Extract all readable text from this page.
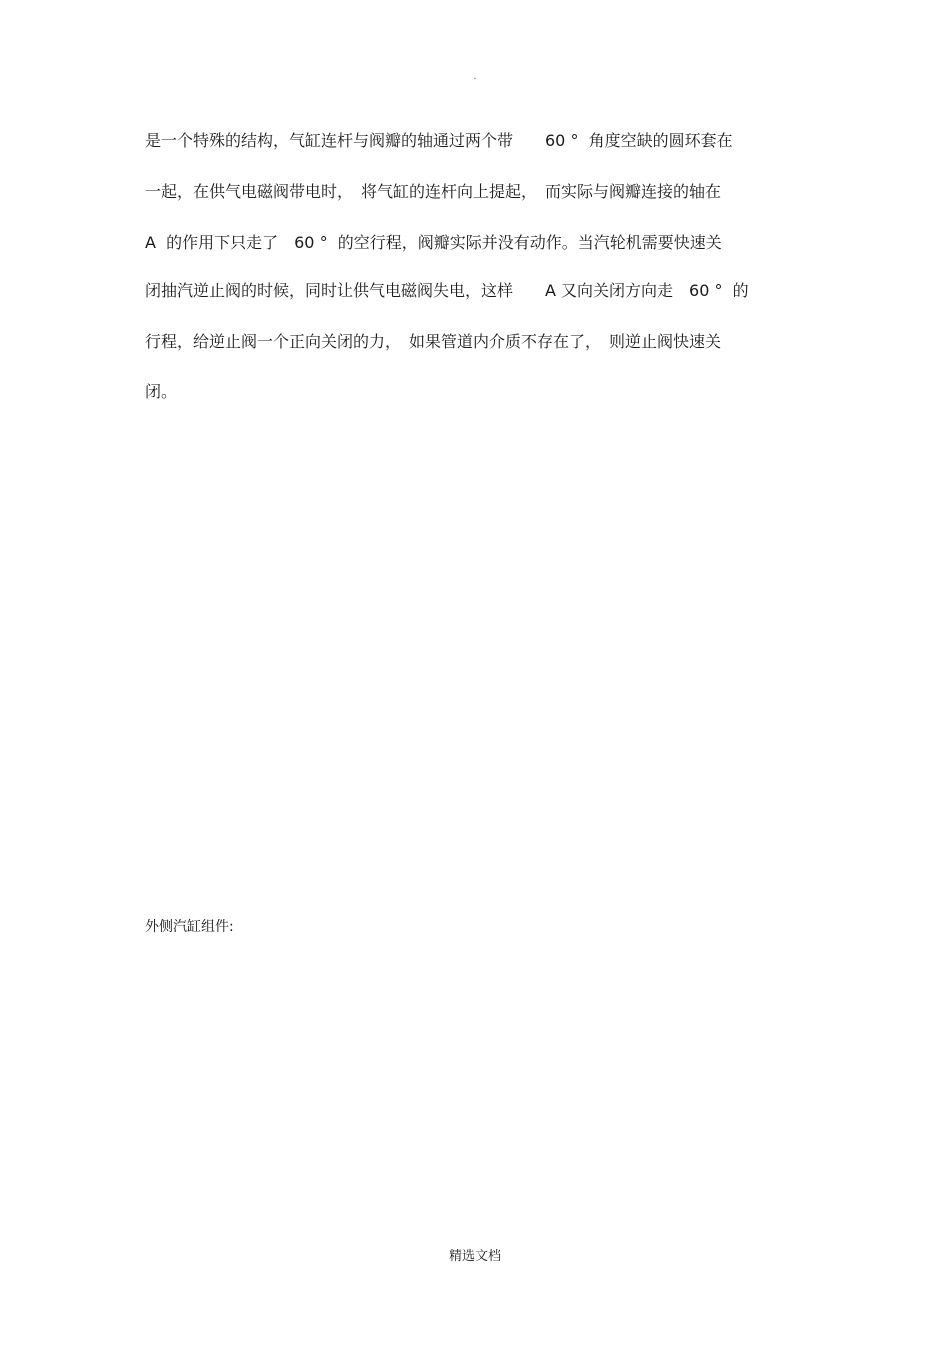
.
是一个特殊的结构，气缸连杆与阀瓣的轴通过两个带　　60 °  角度空缺的圆环套在
一起，在供气电磁阀带电时，　将气缸的连杆向上提起，　而实际与阀瓣连接的轴在
A  的作用下只走了　60 °  的空行程，阀瓣实际并没有动作。当汽轮机需要快速关
闭抽汽逆止阀的时候，同时让供气电磁阀失电，这样　　A 又向关闭方向走　60 °  的
行程，给逆止阀一个正向关闭的力，　如果管道内介质不存在了，　则逆止阀快速关
闭。
外侧汽缸组件:
精选文档
